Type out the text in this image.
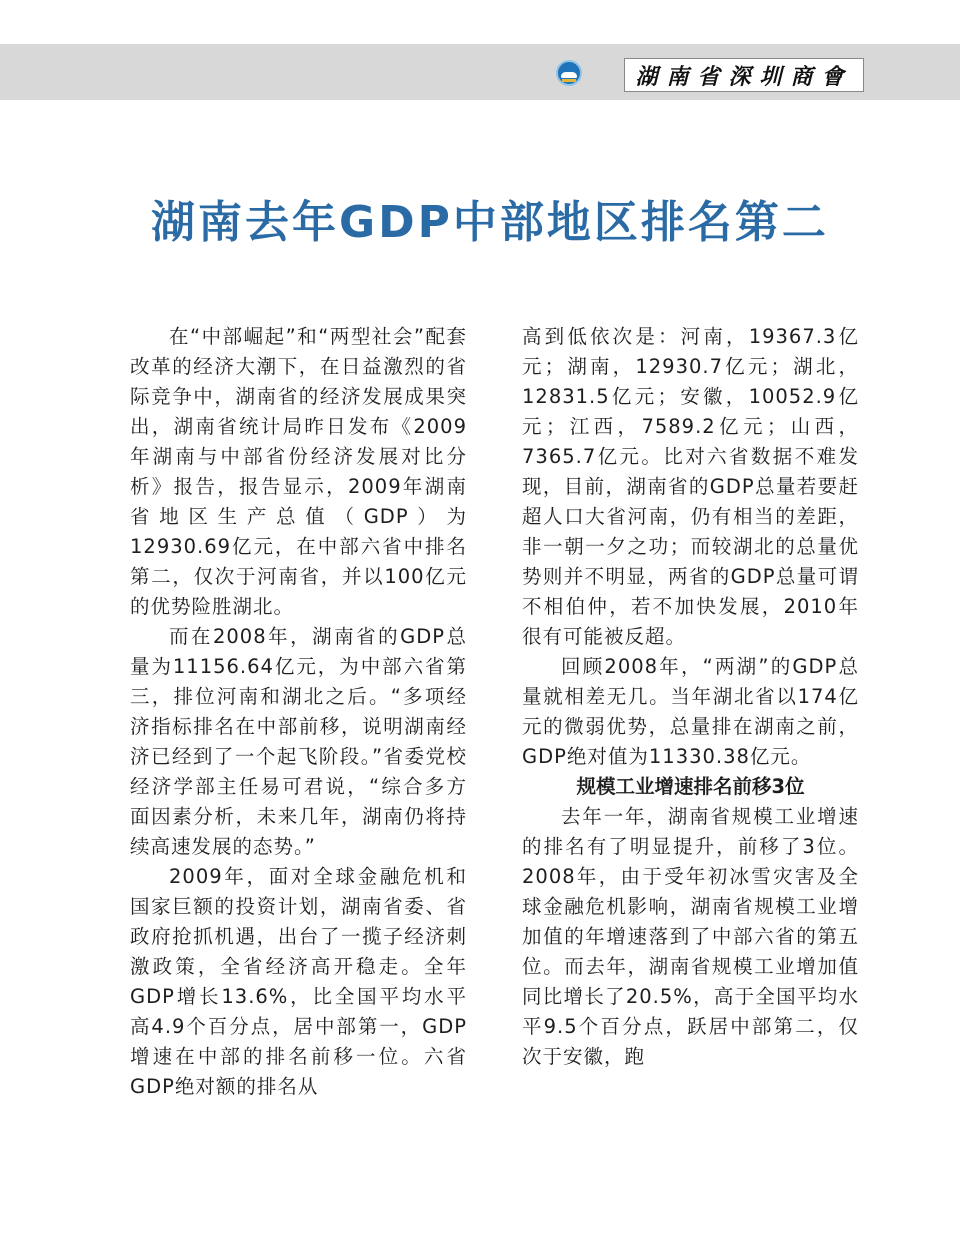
湖南省深圳商會
湖南去年GDP中部地区排名第二

在“中部崛起”和“两型社会”配套改革的经济大潮下，在日益激烈的省际竞争中，湖南省的经济发展成果突出，湖南省统计局昨日发布《2009年湖南与中部省份经济发展对比分析》报告，报告显示，2009年湖南省地区生产总值（GDP）为12930.69亿元，在中部六省中排名第二，仅次于河南省，并以100亿元的优势险胜湖北。

而在2008年，湖南省的GDP总量为11156.64亿元，为中部六省第三，排位河南和湖北之后。“多项经济指标排名在中部前移，说明湖南经济已经到了一个起飞阶段。”省委党校经济学部主任易可君说，“综合多方面因素分析，未来几年，湖南仍将持续高速发展的态势。”

2009年，面对全球金融危机和国家巨额的投资计划，湖南省委、省政府抢抓机遇，出台了一揽子经济刺激政策，全省经济高开稳走。全年GDP增长13.6%，比全国平均水平高4.9个百分点，居中部第一，GDP增速在中部的排名前移一位。六省GDP绝对额的排名从

高到低依次是：河南，19367.3亿元；湖南，12930.7亿元；湖北，12831.5亿元；安徽，10052.9亿元；江西，7589.2亿元；山西，7365.7亿元。比对六省数据不难发现，目前，湖南省的GDP总量若要赶超人口大省河南，仍有相当的差距，非一朝一夕之功；而较湖北的总量优势则并不明显，两省的GDP总量可谓不相伯仲，若不加快发展，2010年很有可能被反超。

回顾2008年，“两湖”的GDP总量就相差无几。当年湖北省以174亿元的微弱优势，总量排在湖南之前，GDP绝对值为11330.38亿元。

规模工业增速排名前移3位

去年一年，湖南省规模工业增速的排名有了明显提升，前移了3位。2008年，由于受年初冰雪灾害及全球金融危机影响，湖南省规模工业增加值的年增速落到了中部六省的第五位。而去年，湖南省规模工业增加值同比增长了20.5%，高于全国平均水平9.5个百分点，跃居中部第二，仅次于安徽，跑
